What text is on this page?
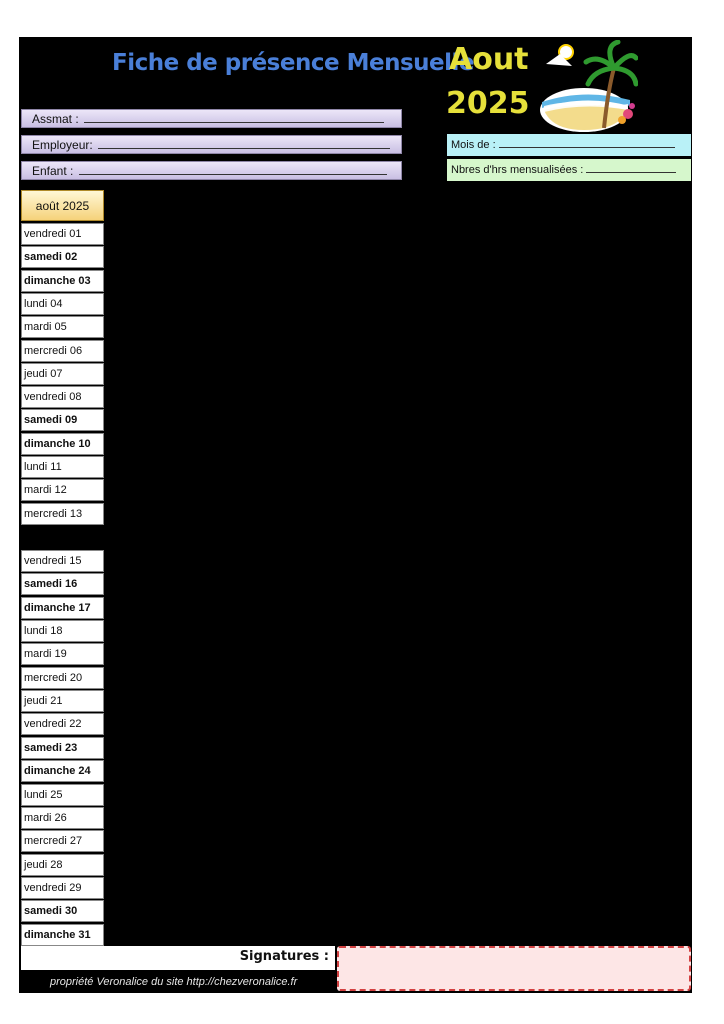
Fiche de présence Mensuelle
Aout
2025
Assmat :
Employeur:
Enfant :
Mois de :
Nbres d'hrs mensualisées :
août 2025
vendredi 01
samedi 02
dimanche 03
lundi 04
mardi 05
mercredi 06
jeudi 07
vendredi 08
samedi 09
dimanche 10
lundi 11
mardi 12
mercredi 13
vendredi 15
samedi 16
dimanche 17
lundi 18
mardi 19
mercredi 20
jeudi 21
vendredi 22
samedi 23
dimanche 24
lundi 25
mardi 26
mercredi 27
jeudi 28
vendredi 29
samedi 30
dimanche 31
Signatures :
propriété Veronalice du site http://chezveronalice.fr
